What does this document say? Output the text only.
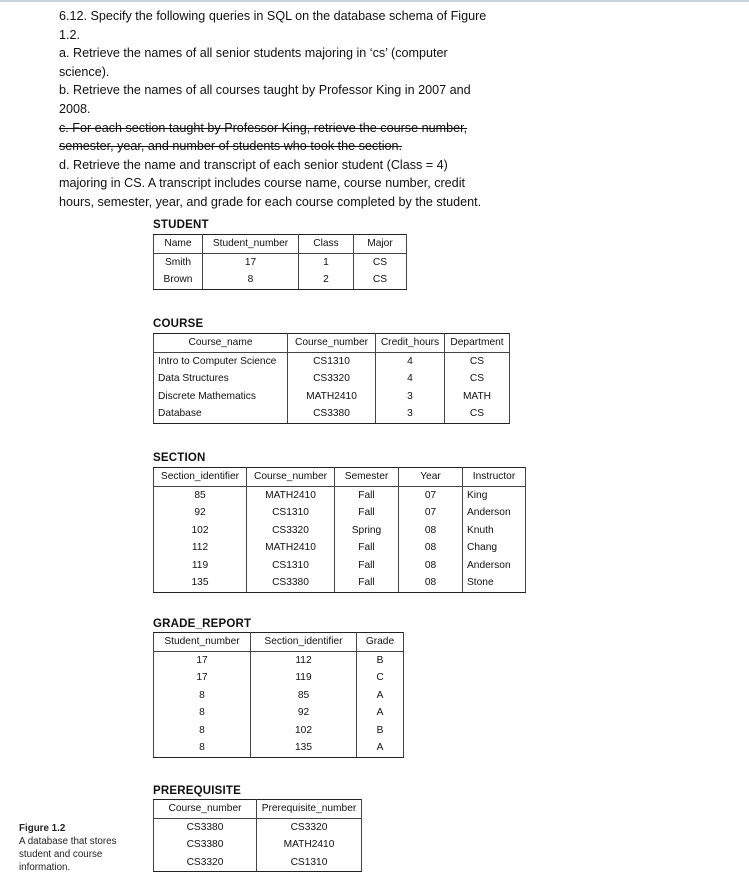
6.12. Specify the following queries in SQL on the database schema of Figure 1.2.

a. Retrieve the names of all senior students majoring in ‘cs’ (computer science).

b. Retrieve the names of all courses taught by Professor King in 2007 and 2008.

c. For each section taught by Professor King, retrieve the course number, semester, year, and number of students who took the section.

d. Retrieve the name and transcript of each senior student (Class = 4) majoring in CS. A transcript includes course name, course number, credit hours, semester, year, and grade for each course completed by the student.

STUDENT
Name	Student_number	Class	Major
Smith	17	1	CS
Brown	8	2	CS
COURSE
Course_name	Course_number	Credit_hours	Department
Intro to Computer Science	CS1310	4	CS
Data Structures	CS3320	4	CS
Discrete Mathematics	MATH2410	3	MATH
Database	CS3380	3	CS
SECTION
Section_identifier	Course_number	Semester	Year	Instructor
85	MATH2410	Fall	07	King
92	CS1310	Fall	07	Anderson
102	CS3320	Spring	08	Knuth
112	MATH2410	Fall	08	Chang
119	CS1310	Fall	08	Anderson
135	CS3380	Fall	08	Stone
GRADE_REPORT
Student_number	Section_identifier	Grade
17	112	B
17	119	C
8	85	A
8	92	A
8	102	B
8	135	A
PREREQUISITE
Course_number	Prerequisite_number
CS3380	CS3320
CS3380	MATH2410
CS3320	CS1310
Figure 1.2
A database that stores student and course information.
